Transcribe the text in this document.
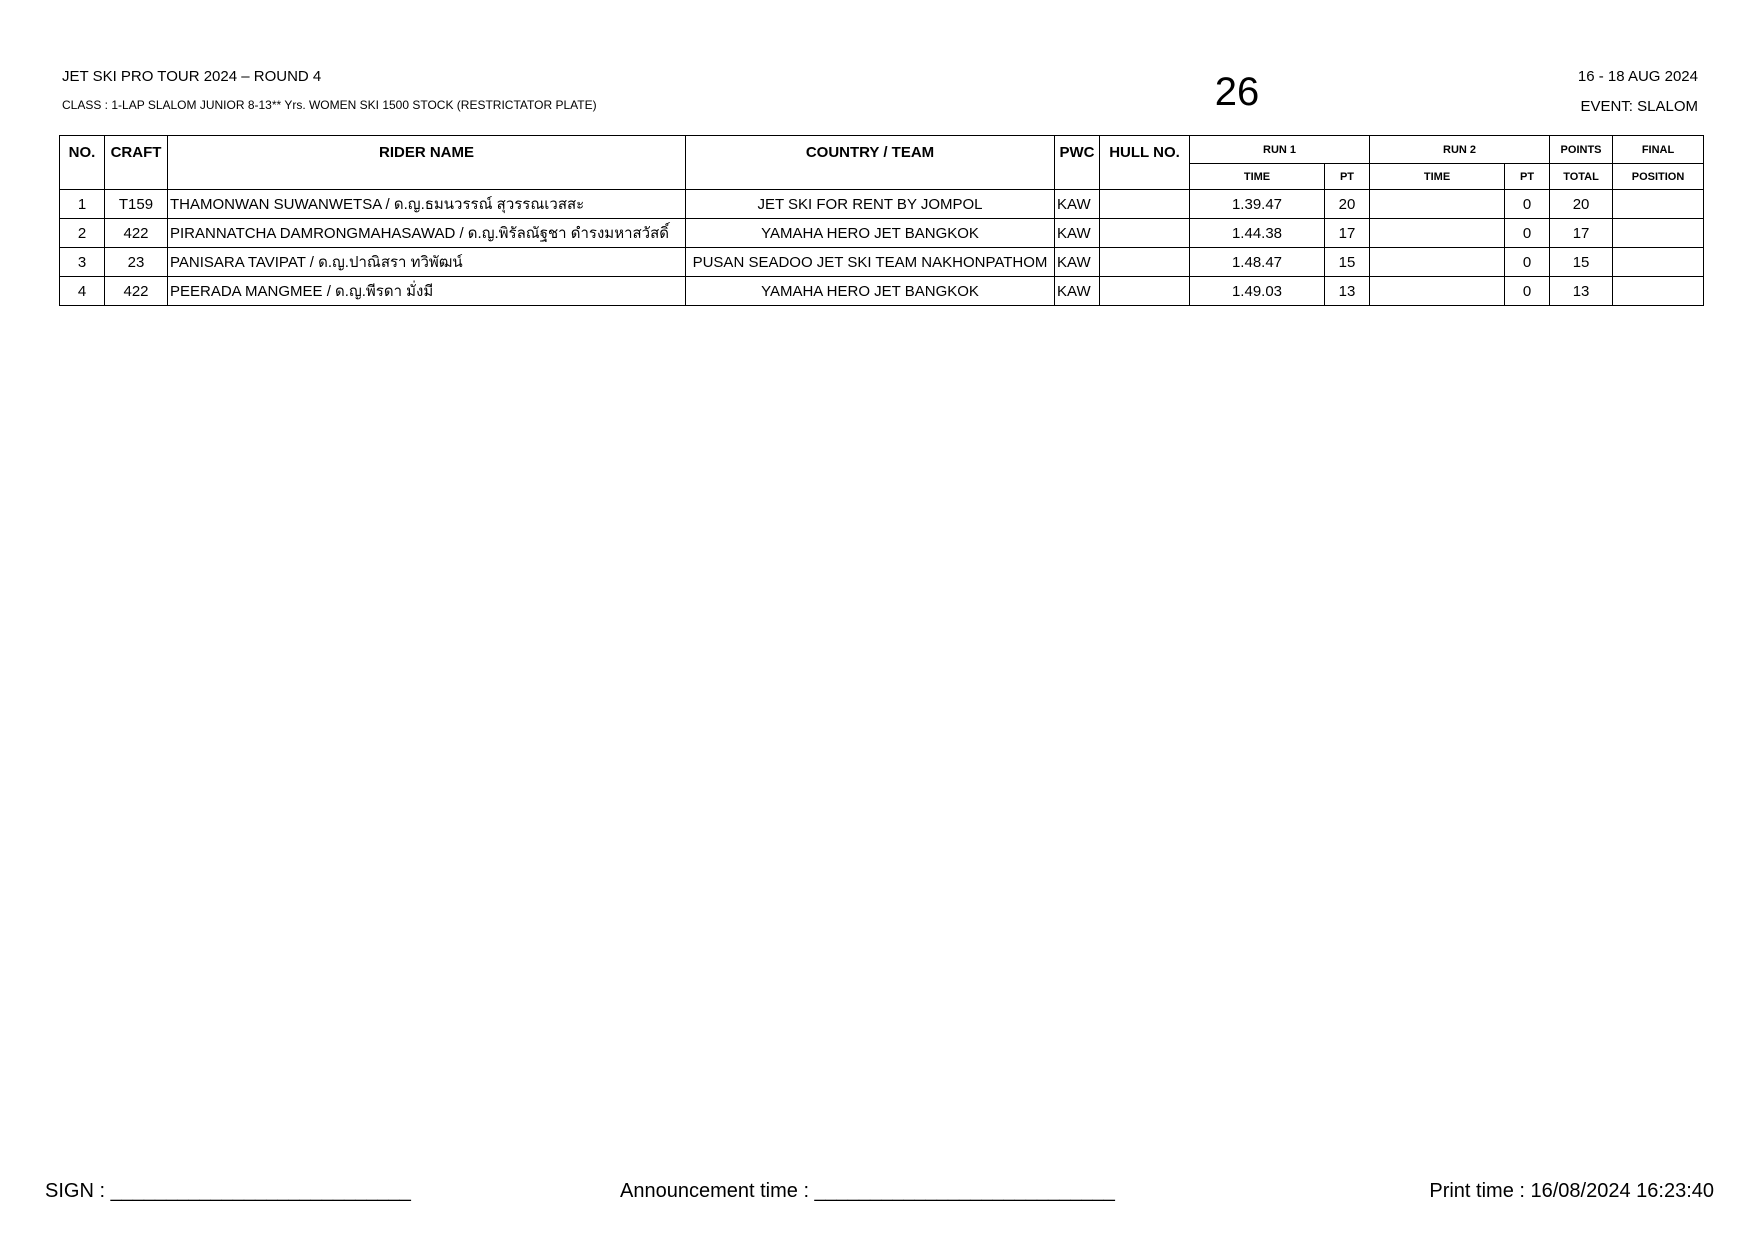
JET SKI PRO TOUR 2024 – ROUND 4
CLASS : 1-LAP SLALOM JUNIOR 8-13** Yrs. WOMEN SKI 1500 STOCK (RESTRICTATOR PLATE)	26	16 - 18 AUG 2024
EVENT: SLALOM
NO.	CRAFT	RIDER NAME	COUNTRY / TEAM	PWC	HULL NO.	RUN 1		RUN 2		POINTS	FINAL
						TIME	PT	TIME	PT	TOTAL	POSITION
1	T159	THAMONWAN SUWANWETSA / ด.ญ.ธมนวรรณ์ สุวรรณเวสสะ	JET SKI FOR RENT BY JOMPOL	KAW		1.39.47	20		0	20	
2	422	PIRANNATCHA DAMRONGMAHASAWAD / ด.ญ.พิรัลณัฐชา ดำรงมหาสวัสดิ์	YAMAHA HERO JET BANGKOK	KAW		1.44.38	17		0	17	
3	23	PANISARA TAVIPAT / ด.ญ.ปาณิสรา ทวิพัฒน์	PUSAN SEADOO JET SKI TEAM NAKHONPATHOM	KAW		1.48.47	15		0	15	
4	422	PEERADA MANGMEE / ด.ญ.พีรดา มั่งมี	YAMAHA HERO JET BANGKOK	KAW		1.49.03	13		0	13	
SIGN : ___________________________	Announcement time : ___________________________	Print time : 16/08/2024 16:23:40
